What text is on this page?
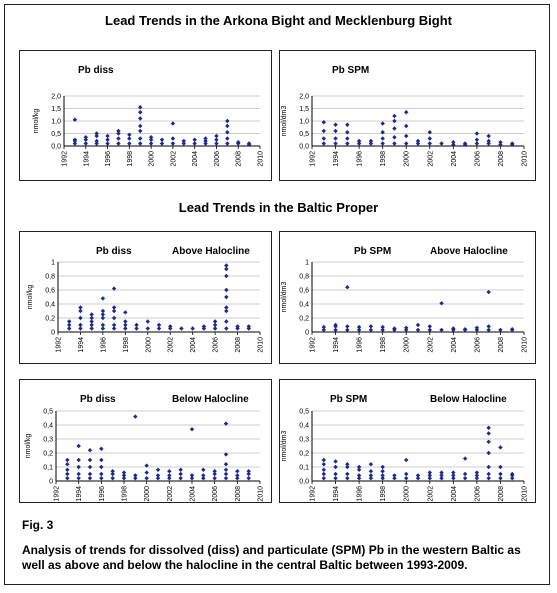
Lead Trends in the Arkona Bight and Mecklenburg Bight
Lead Trends in the Baltic Proper
Pb diss
nmol/kg
0,0
0,5
1,0
1,5
2,0
1992 1994 1996 1998 2000 2002 2004 2006 2008 2010
Pb SPM
nmol/dm3
0,0
0,5
1,0
1,5
2,0
1992 1994 1996 1998 2000 2002 2004 2006 2008 2010
Pb diss	Above Halocline
nmol/kg
0
0,2
0,4
0,6
0,8
1
1992 1994 1996 1998 2000 2002 2004 2006 2008 2010
Pb SPM	Above Halocline
nmol/dm3
0
0,2
0,4
0,6
0,8
1
1992 1994 1996 1998 2000 2002 2004 2006 2008 2010
Pb diss	Below Halocline
nmol/kg
0
0,1
0,2
0,3
0,4
0,5
1992 1994 1996 1998 2000 2002 2004 2006 2008 2010
Pb SPM	Below Halocline
nmol/dm3
0,0
0,1
0,2
0,3
0,4
0,5
1992 1994 1996 1998 2000 2002 2004 2006 2008 2010
Fig. 3
Analysis of trends for dissolved (diss) and particulate (SPM) Pb in the western Baltic as well as above and below the halocline in the central Baltic between 1993-2009.
